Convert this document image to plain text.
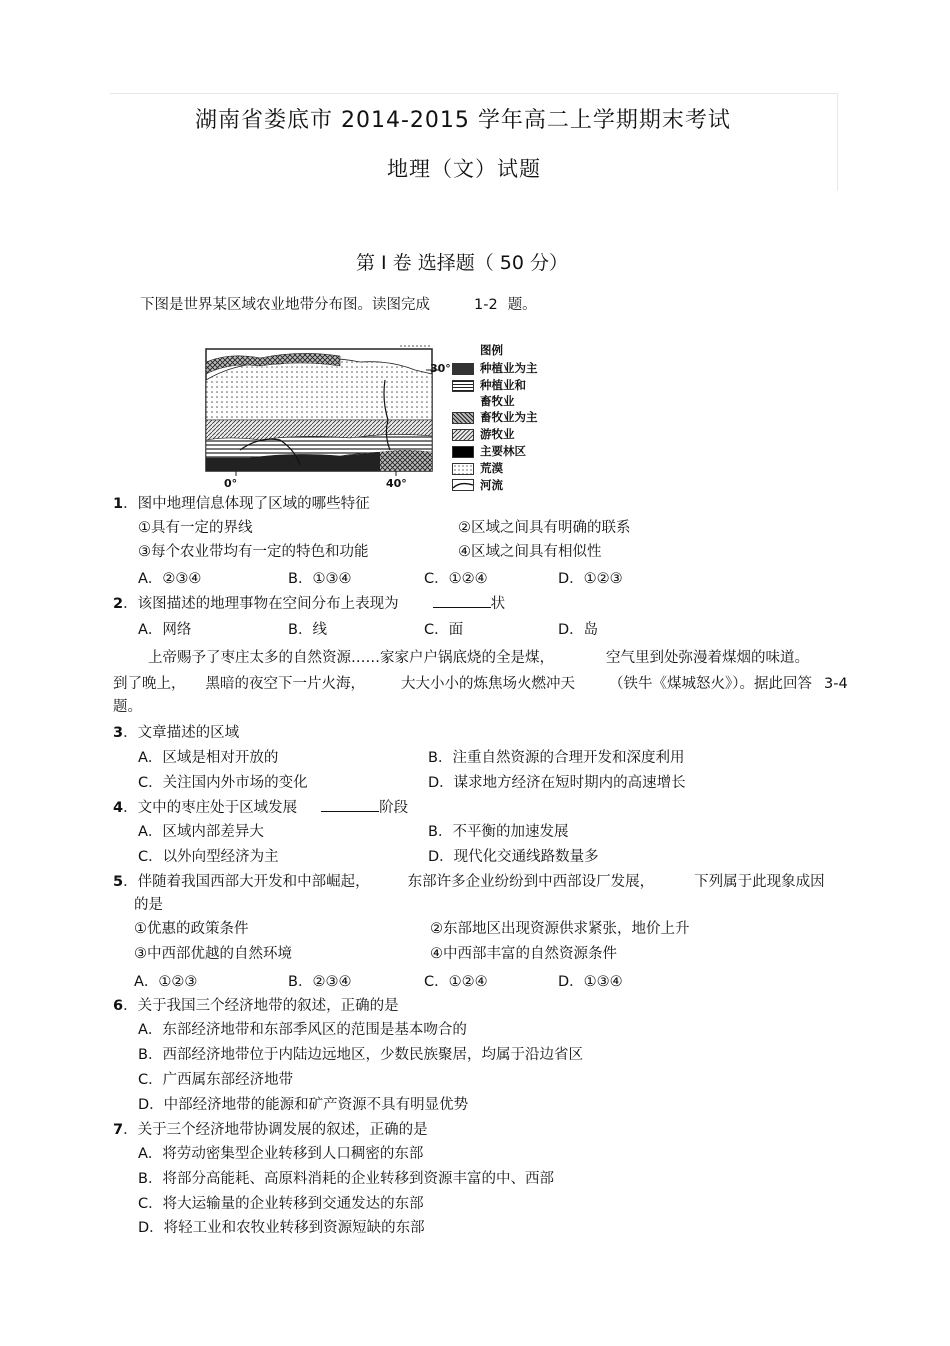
湖南省娄底市 2014-2015 学年高二上学期期末考试
地理（文）试题
第 I 卷 选择题（ 50 分）
下图是世界某区域农业地带分布图。读图完成	1-2 题。
30°
0°	40°
图例
种植业为主
种植业和
畜牧业
畜牧业为主
游牧业
主要林区
荒漠
河流
1．图中地理信息体现了区域的哪些特征
①具有一定的界线	②区域之间具有明确的联系
③每个农业带均有一定的特色和功能	④区域之间具有相似性
A．②③④	B．①③④	C．①②④	D．①②③
2．该图描述的地理事物在空间分布上表现为	状
A．网络	B．线	C．面	D．岛
上帝赐予了枣庄太多的自然资源……家家户户锅底烧的全是煤，	空气里到处弥漫着煤烟的味道。
到了晚上， 黑暗的夜空下一片火海， 大大小小的炼焦场火燃冲天 （铁牛《煤城怒火》）。据此回答 3-4
题。
3．文章描述的区域
A．区域是相对开放的	B．注重自然资源的合理开发和深度利用
C．关注国内外市场的变化	D．谋求地方经济在短时期内的高速增长
4．文中的枣庄处于区域发展	阶段
A．区域内部差异大	B．不平衡的加速发展
C．以外向型经济为主	D．现代化交通线路数量多
5．伴随着我国西部大开发和中部崛起，	东部许多企业纷纷到中西部设厂发展，	下列属于此现象成因
的是
①优惠的政策条件	②东部地区出现资源供求紧张，地价上升
③中西部优越的自然环境	④中西部丰富的自然资源条件
A．①②③	B．②③④	C．①②④	D．①③④
6．关于我国三个经济地带的叙述，正确的是
A．东部经济地带和东部季风区的范围是基本吻合的
B．西部经济地带位于内陆边远地区，少数民族聚居，均属于沿边省区
C．广西属东部经济地带
D．中部经济地带的能源和矿产资源不具有明显优势
7．关于三个经济地带协调发展的叙述，正确的是
A．将劳动密集型企业转移到人口稠密的东部
B．将部分高能耗、高原料消耗的企业转移到资源丰富的中、西部
C．将大运输量的企业转移到交通发达的东部
D．将轻工业和农牧业转移到资源短缺的东部
